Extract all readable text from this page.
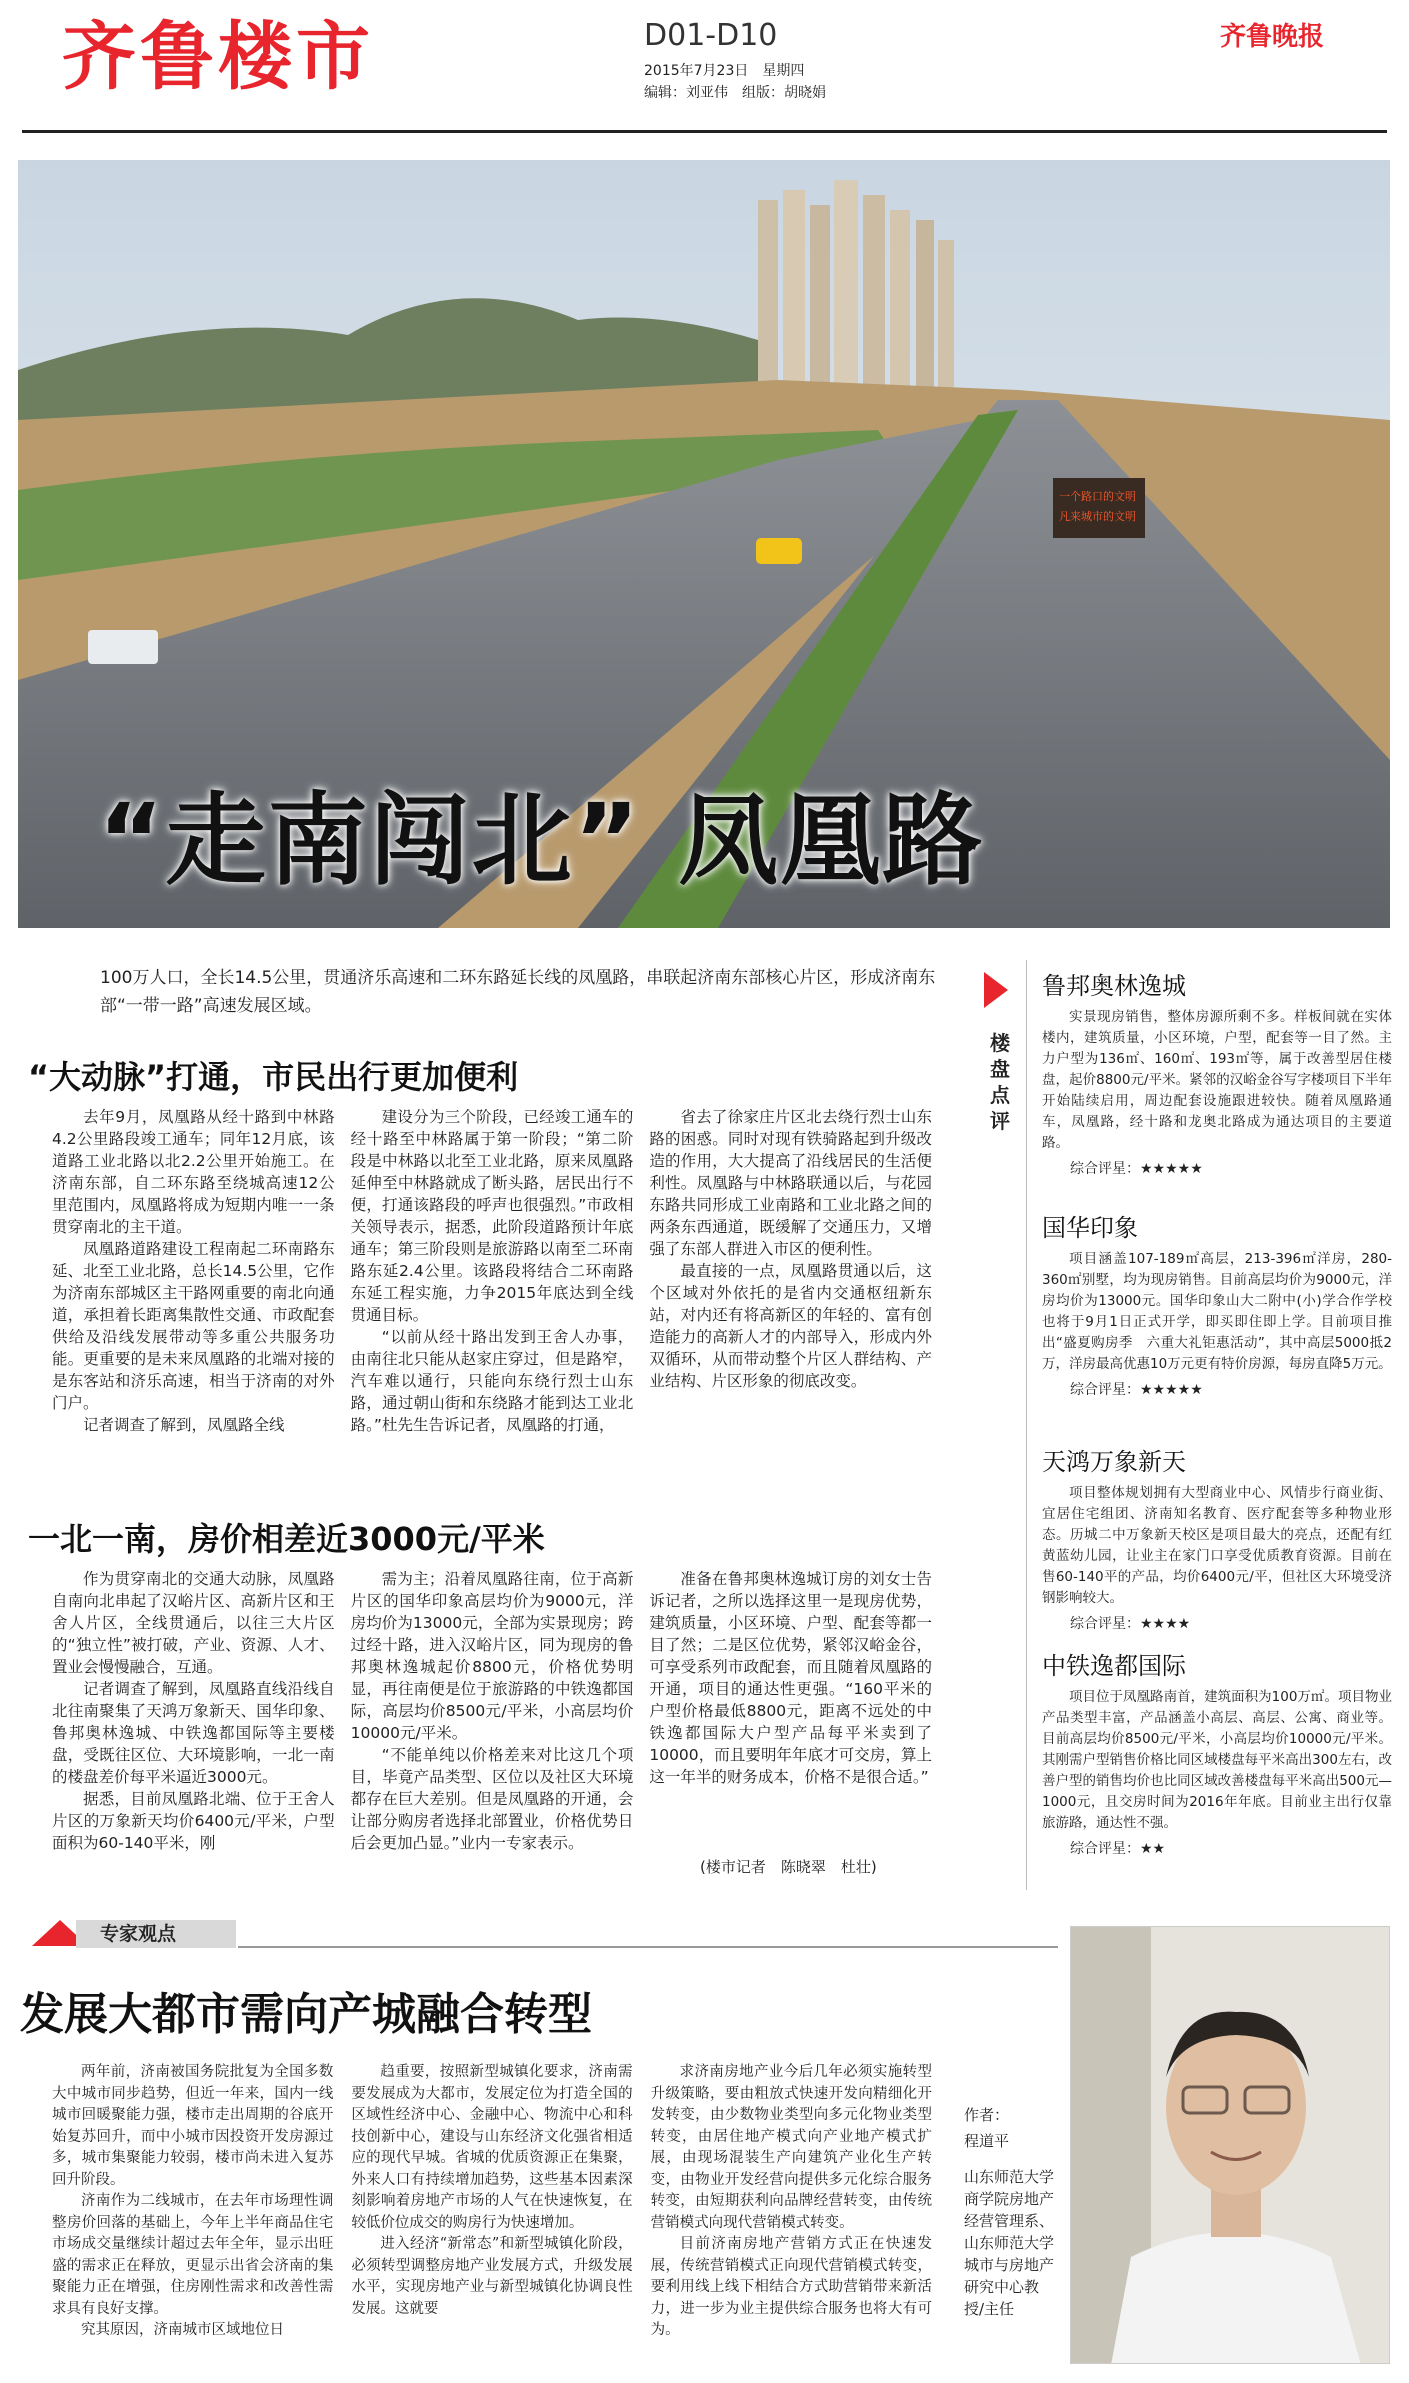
齐鲁楼市	D01-D10
2015年7月23日　星期四
编辑：刘亚伟　组版：胡晓娟
齐鲁晚报
一个路口的文明
凡来城市的文明
“走南闯北” 凤凰路
100万人口，全长14.5公里，贯通济乐高速和二环东路延长线的凤凰路，串联起济南东部核心片区，形成济南东部“一带一路”高速发展区域。
“大动脉”打通，市民出行更加便利

去年9月，凤凰路从经十路到中林路4.2公里路段竣工通车；同年12月底，该道路工业北路以北2.2公里开始施工。在济南东部，自二环东路至绕城高速12公里范围内，凤凰路将成为短期内唯一一条贯穿南北的主干道。

凤凰路道路建设工程南起二环南路东延、北至工业北路，总长14.5公里，它作为济南东部城区主干路网重要的南北向通道，承担着长距离集散性交通、市政配套供给及沿线发展带动等多重公共服务功能。更重要的是未来凤凰路的北端对接的是东客站和济乐高速，相当于济南的对外门户。

记者调查了解到，凤凰路全线

建设分为三个阶段，已经竣工通车的经十路至中林路属于第一阶段；“第二阶段是中林路以北至工业北路，原来凤凰路延伸至中林路就成了断头路，居民出行不便，打通该路段的呼声也很强烈。”市政相关领导表示，据悉，此阶段道路预计年底通车；第三阶段则是旅游路以南至二环南路东延2.4公里。该路段将结合二环南路东延工程实施，力争2015年底达到全线贯通目标。

“以前从经十路出发到王舍人办事，由南往北只能从赵家庄穿过，但是路窄，汽车难以通行，只能向东绕行烈士山东路，通过朝山街和东绕路才能到达工业北路。”杜先生告诉记者，凤凰路的打通，

省去了徐家庄片区北去绕行烈士山东路的困惑。同时对现有铁骑路起到升级改造的作用，大大提高了沿线居民的生活便利性。凤凰路与中林路联通以后，与花园东路共同形成工业南路和工业北路之间的两条东西通道，既缓解了交通压力，又增强了东部人群进入市区的便利性。

最直接的一点，凤凰路贯通以后，这个区域对外依托的是省内交通枢纽新东站，对内还有将高新区的年轻的、富有创造能力的高新人才的内部导入，形成内外双循环，从而带动整个片区人群结构、产业结构、片区形象的彻底改变。

一北一南，房价相差近3000元/平米

作为贯穿南北的交通大动脉，凤凰路自南向北串起了汉峪片区、高新片区和王舍人片区，全线贯通后，以往三大片区的“独立性”被打破，产业、资源、人才、置业会慢慢融合，互通。

记者调查了解到，凤凰路直线沿线自北往南聚集了天鸿万象新天、国华印象、鲁邦奥林逸城、中铁逸都国际等主要楼盘，受既往区位、大环境影响，一北一南的楼盘差价每平米逼近3000元。

据悉，目前凤凰路北端、位于王舍人片区的万象新天均价6400元/平米，户型面积为60-140平米，刚

需为主；沿着凤凰路往南，位于高新片区的国华印象高层均价为9000元，洋房均价为13000元，全部为实景现房；跨过经十路，进入汉峪片区，同为现房的鲁邦奥林逸城起价8800元，价格优势明显，再往南便是位于旅游路的中铁逸都国际，高层均价8500元/平米，小高层均价10000元/平米。

“不能单纯以价格差来对比这几个项目，毕竟产品类型、区位以及社区大环境都存在巨大差别。但是凤凰路的开通，会让部分购房者选择北部置业，价格优势日后会更加凸显。”业内一专家表示。

准备在鲁邦奥林逸城订房的刘女士告诉记者，之所以选择这里一是现房优势，建筑质量，小区环境、户型、配套等都一目了然；二是区位优势，紧邻汉峪金谷，可享受系列市政配套，而且随着凤凰路的开通，项目的通达性更强。“160平米的户型价格最低8800元，距离不远处的中铁逸都国际大户型产品每平米卖到了10000，而且要明年年底才可交房，算上这一年半的财务成本，价格不是很合适。”

(楼市记者　陈晓翠　杜壮)
楼盘点评
鲁邦奥林逸城
实景现房销售，整体房源所剩不多。样板间就在实体楼内，建筑质量，小区环境，户型，配套等一目了然。主力户型为136㎡、160㎡、193㎡等，属于改善型居住楼盘，起价8800元/平米。紧邻的汉峪金谷写字楼项目下半年开始陆续启用，周边配套设施跟进较快。随着凤凰路通车，凤凰路，经十路和龙奥北路成为通达项目的主要道路。
综合评星：★★★★★
国华印象
项目涵盖107-189㎡高层，213-396㎡洋房，280-360㎡别墅，均为现房销售。目前高层均价为9000元，洋房均价为13000元。国华印象山大二附中(小)学合作学校也将于9月1日正式开学，即买即住即上学。目前项目推出“盛夏购房季　六重大礼钜惠活动”，其中高层5000抵2万，洋房最高优惠10万元更有特价房源，每房直降5万元。
综合评星：★★★★★
天鸿万象新天
项目整体规划拥有大型商业中心、风情步行商业街、宜居住宅组团、济南知名教育、医疗配套等多种物业形态。历城二中万象新天校区是项目最大的亮点，还配有红黄蓝幼儿园，让业主在家门口享受优质教育资源。目前在售60-140平的产品，均价6400元/平，但社区大环境受济钢影响较大。
综合评星：★★★★
中铁逸都国际
项目位于凤凰路南首，建筑面积为100万㎡。项目物业产品类型丰富，产品涵盖小高层、高层、公寓、商业等。目前高层均价8500元/平米，小高层均价10000元/平米。其刚需户型销售价格比同区域楼盘每平米高出300左右，改善户型的销售均价也比同区域改善楼盘每平米高出500元—1000元，且交房时间为2016年年底。目前业主出行仅靠旅游路，通达性不强。
综合评星：★★
专家观点
发展大都市需向产城融合转型

两年前，济南被国务院批复为全国多数大中城市同步趋势，但近一年来，国内一线城市回暖聚能力强，楼市走出周期的谷底开始复苏回升，而中小城市因投资开发房源过多，城市集聚能力较弱，楼市尚未进入复苏回升阶段。

济南作为二线城市，在去年市场理性调整房价回落的基础上，今年上半年商品住宅市场成交量继续计超过去年全年，显示出旺盛的需求正在释放，更显示出省会济南的集聚能力正在增强，住房刚性需求和改善性需求具有良好支撑。

究其原因，济南城市区域地位日

趋重要，按照新型城镇化要求，济南需要发展成为大都市，发展定位为打造全国的区域性经济中心、金融中心、物流中心和科技创新中心，建设与山东经济文化强省相适应的现代早城。省城的优质资源正在集聚，外来人口有持续增加趋势，这些基本因素深刻影响着房地产市场的人气在快速恢复，在较低价位成交的购房行为快速增加。

进入经济“新常态”和新型城镇化阶段，必须转型调整房地产业发展方式，升级发展水平，实现房地产业与新型城镇化协调良性发展。这就要

求济南房地产业今后几年必须实施转型升级策略，要由粗放式快速开发向精细化开发转变，由少数物业类型向多元化物业类型转变，由居住地产模式向产业地产模式扩展，由现场混装生产向建筑产业化生产转变，由物业开发经营向提供多元化综合服务转变，由短期获利向品牌经营转变，由传统营销模式向现代营销模式转变。

目前济南房地产营销方式正在快速发展，传统营销模式正向现代营销模式转变，要利用线上线下相结合方式助营销带来新活力，进一步为业主提供综合服务也将大有可为。

作者：
程道平
山东师范大学商学院房地产经营管理系、山东师范大学城市与房地产研究中心教授/主任
